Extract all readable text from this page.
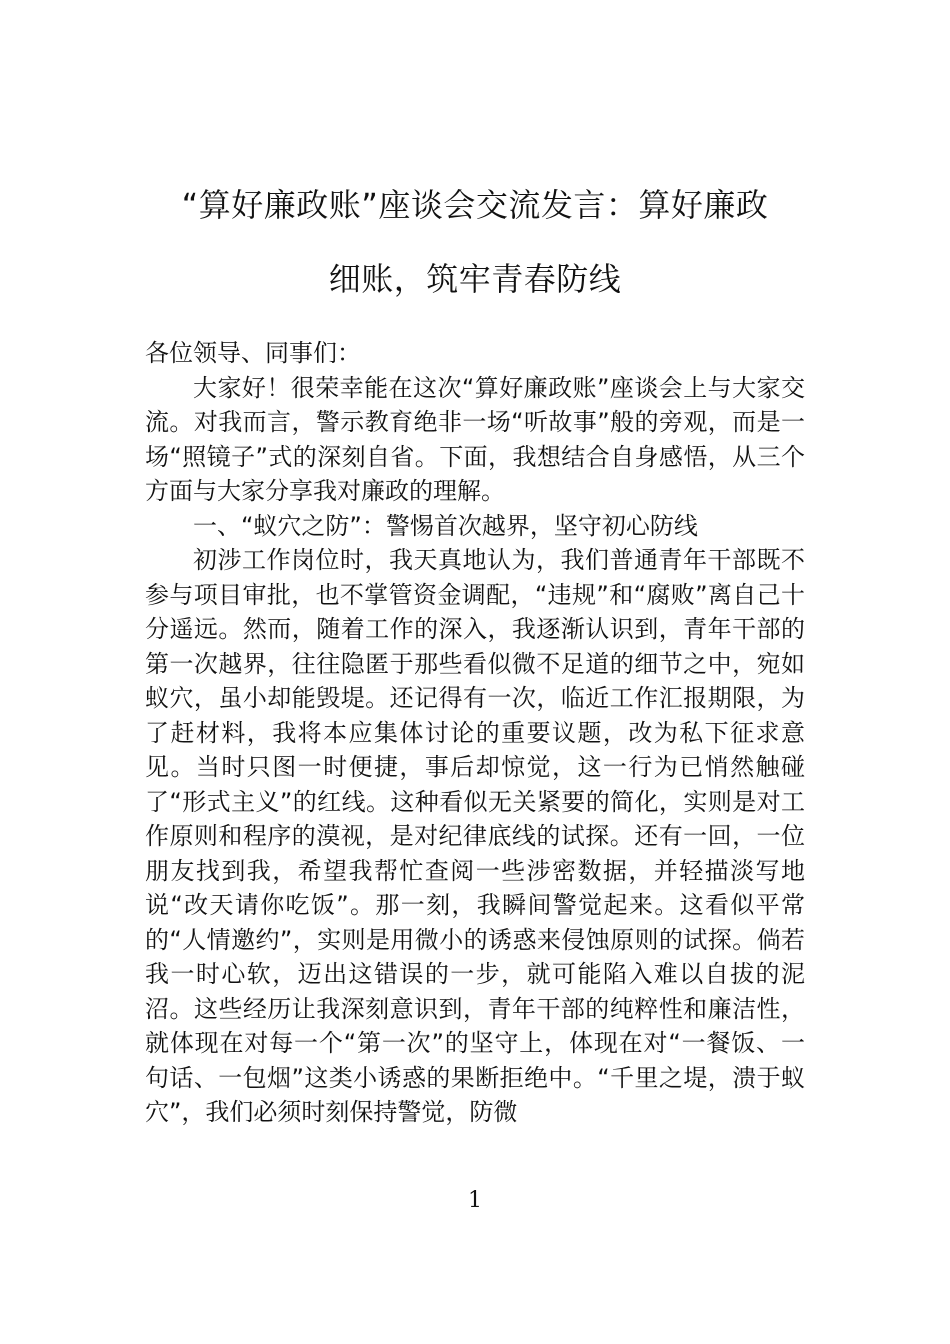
“算好廉政账”座谈会交流发言：算好廉政
细账，筑牢青春防线

各位领导、同事们：

大家好！很荣幸能在这次“算好廉政账”座谈会上与大家交流。对我而言，警示教育绝非一场“听故事”般的旁观，而是一场“照镜子”式的深刻自省。下面，我想结合自身感悟，从三个方面与大家分享我对廉政的理解。

一、“蚁穴之防”：警惕首次越界，坚守初心防线

初涉工作岗位时，我天真地认为，我们普通青年干部既不参与项目审批，也不掌管资金调配，“违规”和“腐败”离自己十分遥远。然而，随着工作的深入，我逐渐认识到，青年干部的第一次越界，往往隐匿于那些看似微不足道的细节之中，宛如蚁穴，虽小却能毁堤。还记得有一次，临近工作汇报期限，为了赶材料，我将本应集体讨论的重要议题，改为私下征求意见。当时只图一时便捷，事后却惊觉，这一行为已悄然触碰了“形式主义”的红线。这种看似无关紧要的简化，实则是对工作原则和程序的漠视，是对纪律底线的试探。还有一回，一位朋友找到我，希望我帮忙查阅一些涉密数据，并轻描淡写地说“改天请你吃饭”。那一刻，我瞬间警觉起来。这看似平常的“人情邀约”，实则是用微小的诱惑来侵蚀原则的试探。倘若我一时心软，迈出这错误的一步，就可能陷入难以自拔的泥沼。这些经历让我深刻意识到，青年干部的纯粹性和廉洁性，就体现在对每一个“第一次”的坚守上，体现在对“一餐饭、一句话、一包烟”这类小诱惑的果断拒绝中。“千里之堤，溃于蚁穴”，我们必须时刻保持警觉，防微

1
